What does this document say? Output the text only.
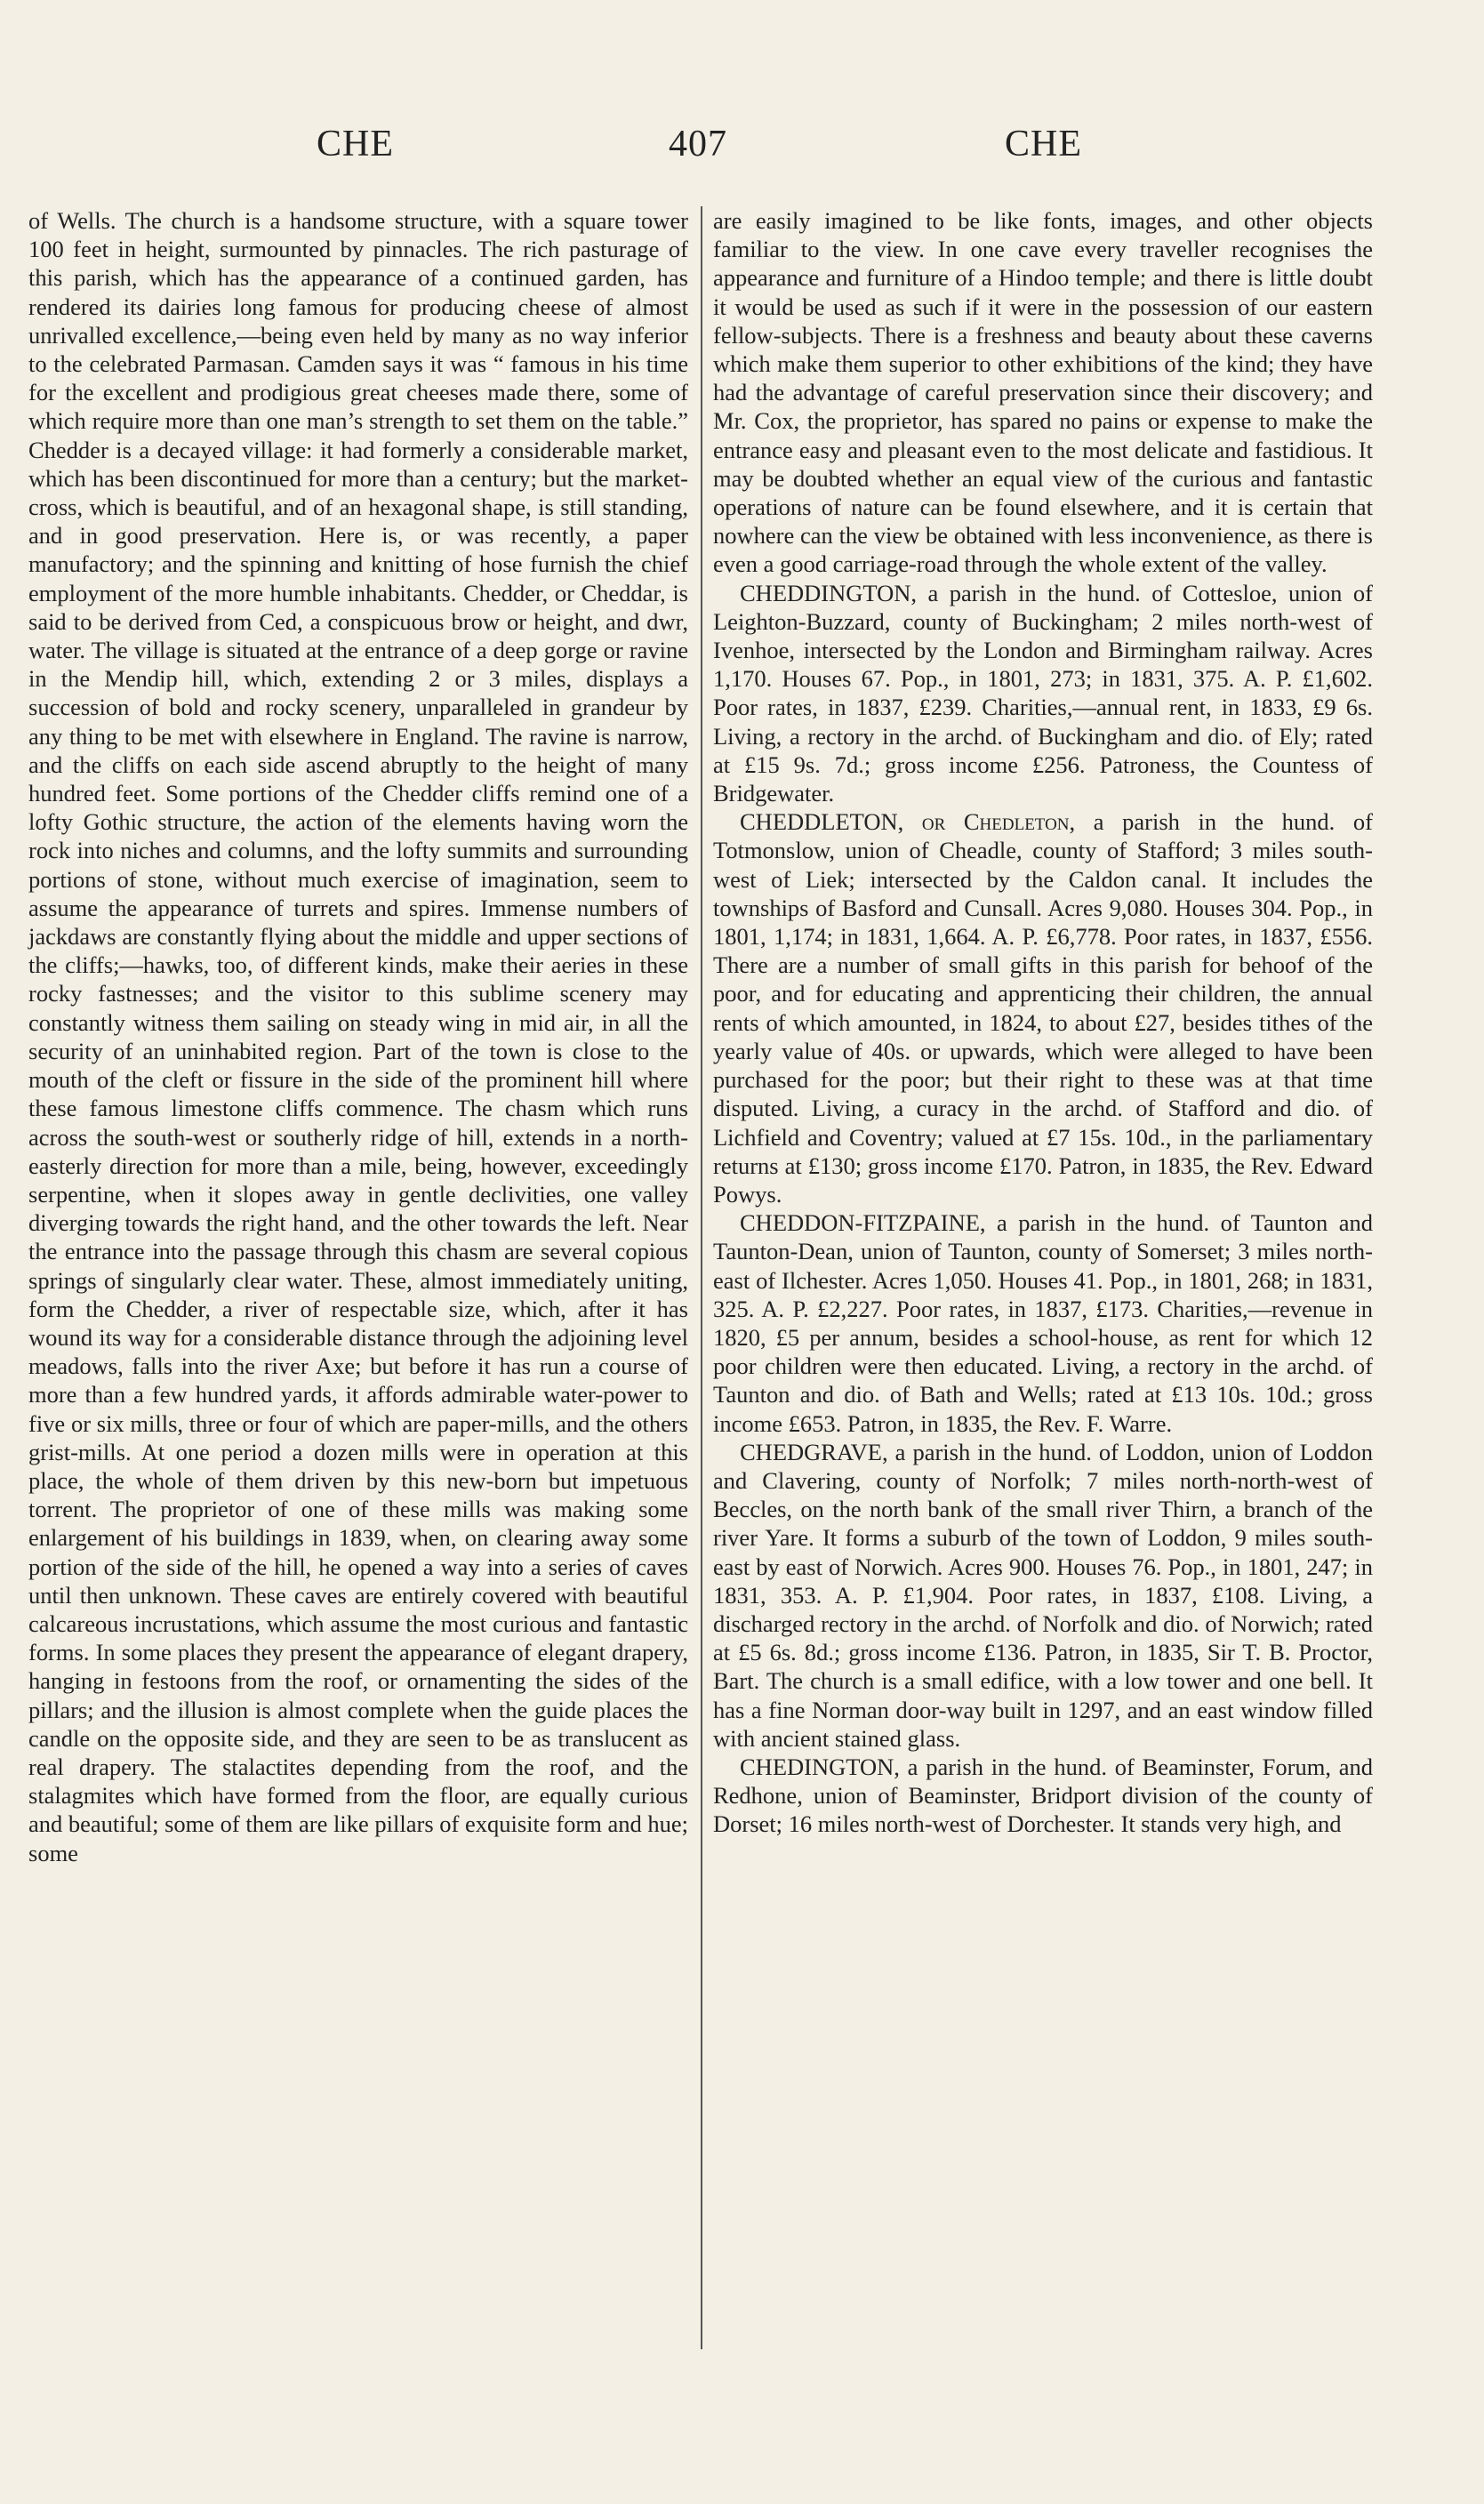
CHE	407	CHE

of Wells. The church is a handsome structure, with a square tower 100 feet in height, surmounted by pinnacles. The rich pasturage of this parish, which has the appearance of a continued garden, has rendered its dairies long famous for producing cheese of almost unrivalled excellence,—being even held by many as no way inferior to the celebrated Parmasan. Camden says it was “ famous in his time for the excellent and prodigious great cheeses made there, some of which require more than one man’s strength to set them on the table.” Chedder is a decayed village: it had formerly a considerable market, which has been discontinued for more than a century; but the market-cross, which is beautiful, and of an hexagonal shape, is still standing, and in good preservation. Here is, or was recently, a paper manufactory; and the spinning and knitting of hose furnish the chief employment of the more humble inhabitants. Chedder, or Cheddar, is said to be derived from Ced, a conspicuous brow or height, and dwr, water. The village is situated at the entrance of a deep gorge or ravine in the Mendip hill, which, extending 2 or 3 miles, displays a succession of bold and rocky scenery, unparalleled in grandeur by any thing to be met with elsewhere in England. The ravine is narrow, and the cliffs on each side ascend abruptly to the height of many hundred feet. Some portions of the Chedder cliffs remind one of a lofty Gothic structure, the action of the elements having worn the rock into niches and columns, and the lofty summits and surrounding portions of stone, without much exercise of imagination, seem to assume the appearance of turrets and spires. Immense numbers of jackdaws are constantly flying about the middle and upper sections of the cliffs;—hawks, too, of different kinds, make their aeries in these rocky fastnesses; and the visitor to this sublime scenery may constantly witness them sailing on steady wing in mid air, in all the security of an uninhabited region. Part of the town is close to the mouth of the cleft or fissure in the side of the prominent hill where these famous limestone cliffs commence. The chasm which runs across the south-west or southerly ridge of hill, extends in a north-easterly direction for more than a mile, being, however, exceedingly serpentine, when it slopes away in gentle declivities, one valley diverging towards the right hand, and the other towards the left. Near the entrance into the passage through this chasm are several copious springs of singularly clear water. These, almost immediately uniting, form the Chedder, a river of respectable size, which, after it has wound its way for a considerable distance through the adjoining level meadows, falls into the river Axe; but before it has run a course of more than a few hundred yards, it affords admirable water-power to five or six mills, three or four of which are paper-mills, and the others grist-mills. At one period a dozen mills were in operation at this place, the whole of them driven by this new-born but impetuous torrent. The proprietor of one of these mills was making some enlargement of his buildings in 1839, when, on clearing away some portion of the side of the hill, he opened a way into a series of caves until then unknown. These caves are entirely covered with beautiful calcareous incrustations, which assume the most curious and fantastic forms. In some places they present the appearance of elegant drapery, hanging in festoons from the roof, or ornamenting the sides of the pillars; and the illusion is almost complete when the guide places the candle on the opposite side, and they are seen to be as translucent as real drapery. The stalactites depending from the roof, and the stalagmites which have formed from the floor, are equally curious and beautiful; some of them are like pillars of exquisite form and hue; some

are easily imagined to be like fonts, images, and other objects familiar to the view. In one cave every traveller recognises the appearance and furniture of a Hindoo temple; and there is little doubt it would be used as such if it were in the possession of our eastern fellow-subjects. There is a freshness and beauty about these caverns which make them superior to other exhibitions of the kind; they have had the advantage of careful preservation since their discovery; and Mr. Cox, the proprietor, has spared no pains or expense to make the entrance easy and pleasant even to the most delicate and fastidious. It may be doubted whether an equal view of the curious and fantastic operations of nature can be found elsewhere, and it is certain that nowhere can the view be obtained with less inconvenience, as there is even a good carriage-road through the whole extent of the valley.

CHEDDINGTON, a parish in the hund. of Cottesloe, union of Leighton-Buzzard, county of Buckingham; 2 miles north-west of Ivenhoe, intersected by the London and Birmingham railway. Acres 1,170. Houses 67. Pop., in 1801, 273; in 1831, 375. A. P. £1,602. Poor rates, in 1837, £239. Charities,—annual rent, in 1833, £9 6s. Living, a rectory in the archd. of Buckingham and dio. of Ely; rated at £15 9s. 7d.; gross income £256. Patroness, the Countess of Bridgewater.

CHEDDLETON, or Chedleton, a parish in the hund. of Totmonslow, union of Cheadle, county of Stafford; 3 miles south-west of Liek; intersected by the Caldon canal. It includes the townships of Basford and Cunsall. Acres 9,080. Houses 304. Pop., in 1801, 1,174; in 1831, 1,664. A. P. £6,778. Poor rates, in 1837, £556. There are a number of small gifts in this parish for behoof of the poor, and for educating and apprenticing their children, the annual rents of which amounted, in 1824, to about £27, besides tithes of the yearly value of 40s. or upwards, which were alleged to have been purchased for the poor; but their right to these was at that time disputed. Living, a curacy in the archd. of Stafford and dio. of Lichfield and Coventry; valued at £7 15s. 10d., in the parliamentary returns at £130; gross income £170. Patron, in 1835, the Rev. Edward Powys.

CHEDDON-FITZPAINE, a parish in the hund. of Taunton and Taunton-Dean, union of Taunton, county of Somerset; 3 miles north-east of Ilchester. Acres 1,050. Houses 41. Pop., in 1801, 268; in 1831, 325. A. P. £2,227. Poor rates, in 1837, £173. Charities,—revenue in 1820, £5 per annum, besides a school-house, as rent for which 12 poor children were then educated. Living, a rectory in the archd. of Taunton and dio. of Bath and Wells; rated at £13 10s. 10d.; gross income £653. Patron, in 1835, the Rev. F. Warre.

CHEDGRAVE, a parish in the hund. of Loddon, union of Loddon and Clavering, county of Norfolk; 7 miles north-north-west of Beccles, on the north bank of the small river Thirn, a branch of the river Yare. It forms a suburb of the town of Loddon, 9 miles south-east by east of Norwich. Acres 900. Houses 76. Pop., in 1801, 247; in 1831, 353. A. P. £1,904. Poor rates, in 1837, £108. Living, a discharged rectory in the archd. of Norfolk and dio. of Norwich; rated at £5 6s. 8d.; gross income £136. Patron, in 1835, Sir T. B. Proctor, Bart. The church is a small edifice, with a low tower and one bell. It has a fine Norman door-way built in 1297, and an east window filled with ancient stained glass.

CHEDINGTON, a parish in the hund. of Beaminster, Forum, and Redhone, union of Beaminster, Bridport division of the county of Dorset; 16 miles north-west of Dorchester. It stands very high, and
